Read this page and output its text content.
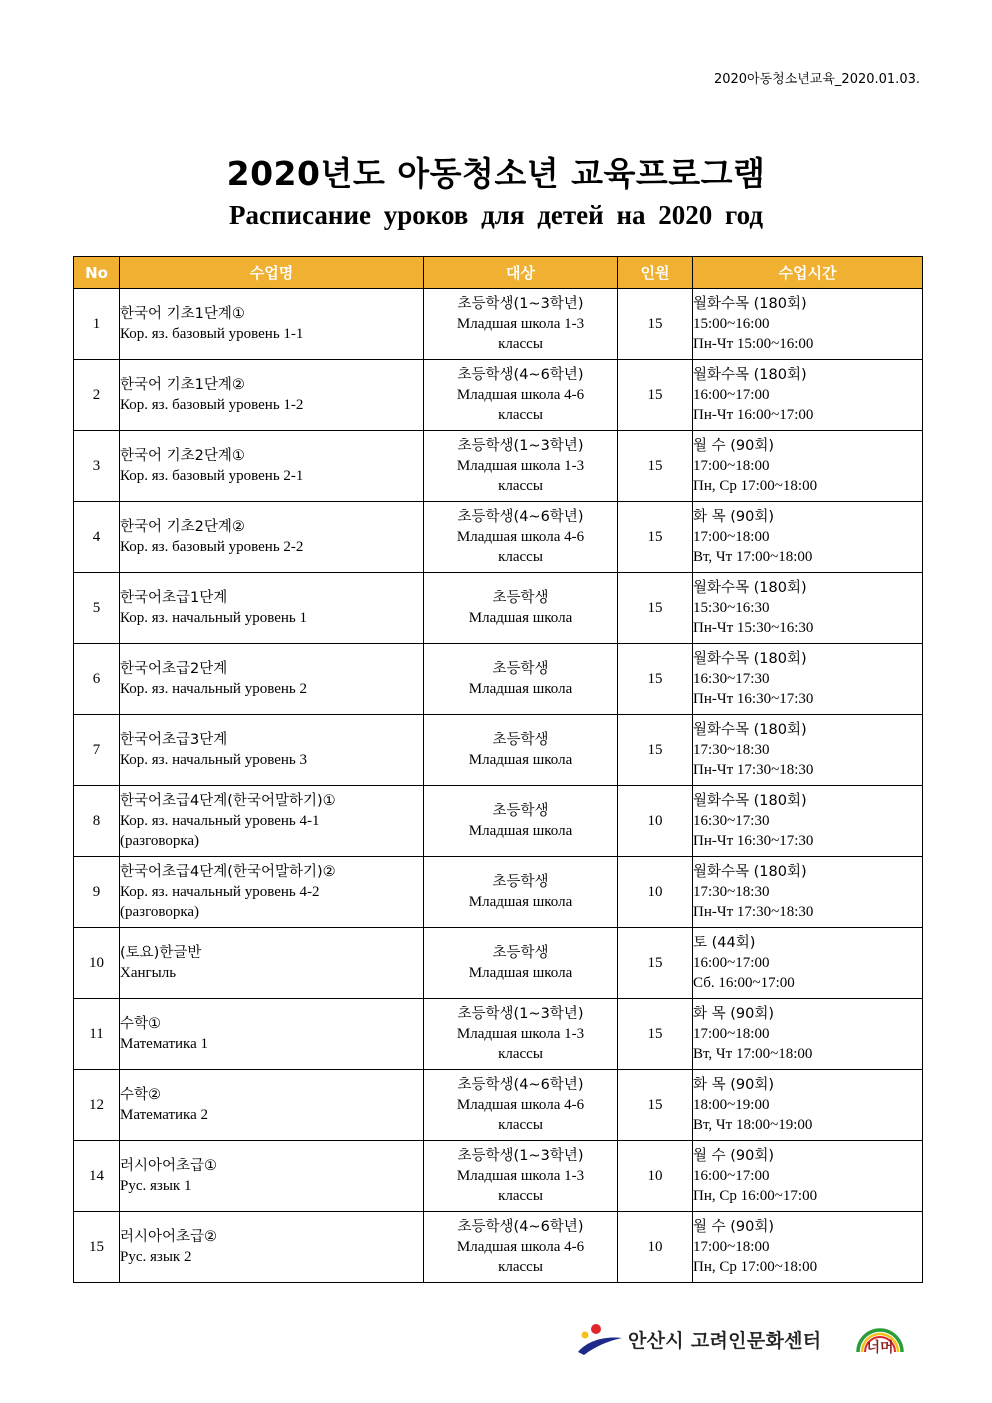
2020아동청소년교육_2020.01.03.
2020년도 아동청소년 교육프로그램
Расписание уроков для детей на 2020 год
No	수업명	대상	인원	수업시간

1	한국어 기초1단계①
Кор. яз. базовый уровень 1-1	초등학생(1~3학년)
Младшая школа 1-3
классы	15	월화수목 (180회)
15:00~16:00
Пн-Чт 15:00~16:00

2	한국어 기초1단계②
Кор. яз. базовый уровень 1-2	초등학생(4~6학년)
Младшая школа 4-6
классы	15	월화수목 (180회)
16:00~17:00
Пн-Чт 16:00~17:00

3	한국어 기초2단계①
Кор. яз. базовый уровень 2-1	초등학생(1~3학년)
Младшая школа 1-3
классы	15	월 수 (90회)
17:00~18:00
Пн, Ср 17:00~18:00

4	한국어 기초2단계②
Кор. яз. базовый уровень 2-2	초등학생(4~6학년)
Младшая школа 4-6
классы	15	화 목 (90회)
17:00~18:00
Вт, Чт 17:00~18:00

5	한국어초급1단계
Кор. яз. начальный уровень 1	초등학생
Младшая школа	15	월화수목 (180회)
15:30~16:30
Пн-Чт 15:30~16:30

6	한국어초급2단계
Кор. яз. начальный уровень 2	초등학생
Младшая школа	15	월화수목 (180회)
16:30~17:30
Пн-Чт 16:30~17:30

7	한국어초급3단계
Кор. яз. начальный уровень 3	초등학생
Младшая школа	15	월화수목 (180회)
17:30~18:30
Пн-Чт 17:30~18:30

8	한국어초급4단계(한국어말하기)①
Кор. яз. начальный уровень 4-1
(разговорка)	초등학생
Младшая школа	10	월화수목 (180회)
16:30~17:30
Пн-Чт 16:30~17:30

9	한국어초급4단계(한국어말하기)②
Кор. яз. начальный уровень 4-2
(разговорка)	초등학생
Младшая школа	10	월화수목 (180회)
17:30~18:30
Пн-Чт 17:30~18:30

10	(토요)한글반
Хангыль	초등학생
Младшая школа	15	토 (44회)
16:00~17:00
Сб. 16:00~17:00

11	수학①
Математика 1	초등학생(1~3학년)
Младшая школа 1-3
классы	15	화 목 (90회)
17:00~18:00
Вт, Чт 17:00~18:00

12	수학②
Математика 2	초등학생(4~6학년)
Младшая школа 4-6
классы	15	화 목 (90회)
18:00~19:00
Вт, Чт 18:00~19:00

14	러시아어초급①
Рус. язык 1	초등학생(1~3학년)
Младшая школа 1-3
классы	10	월 수 (90회)
16:00~17:00
Пн, Ср 16:00~17:00

15	러시아어초급②
Рус. язык 2	초등학생(4~6학년)
Младшая школа 4-6
классы	10	월 수 (90회)
17:00~18:00
Пн, Ср 17:00~18:00
안산시 고려인문화센터	너머
